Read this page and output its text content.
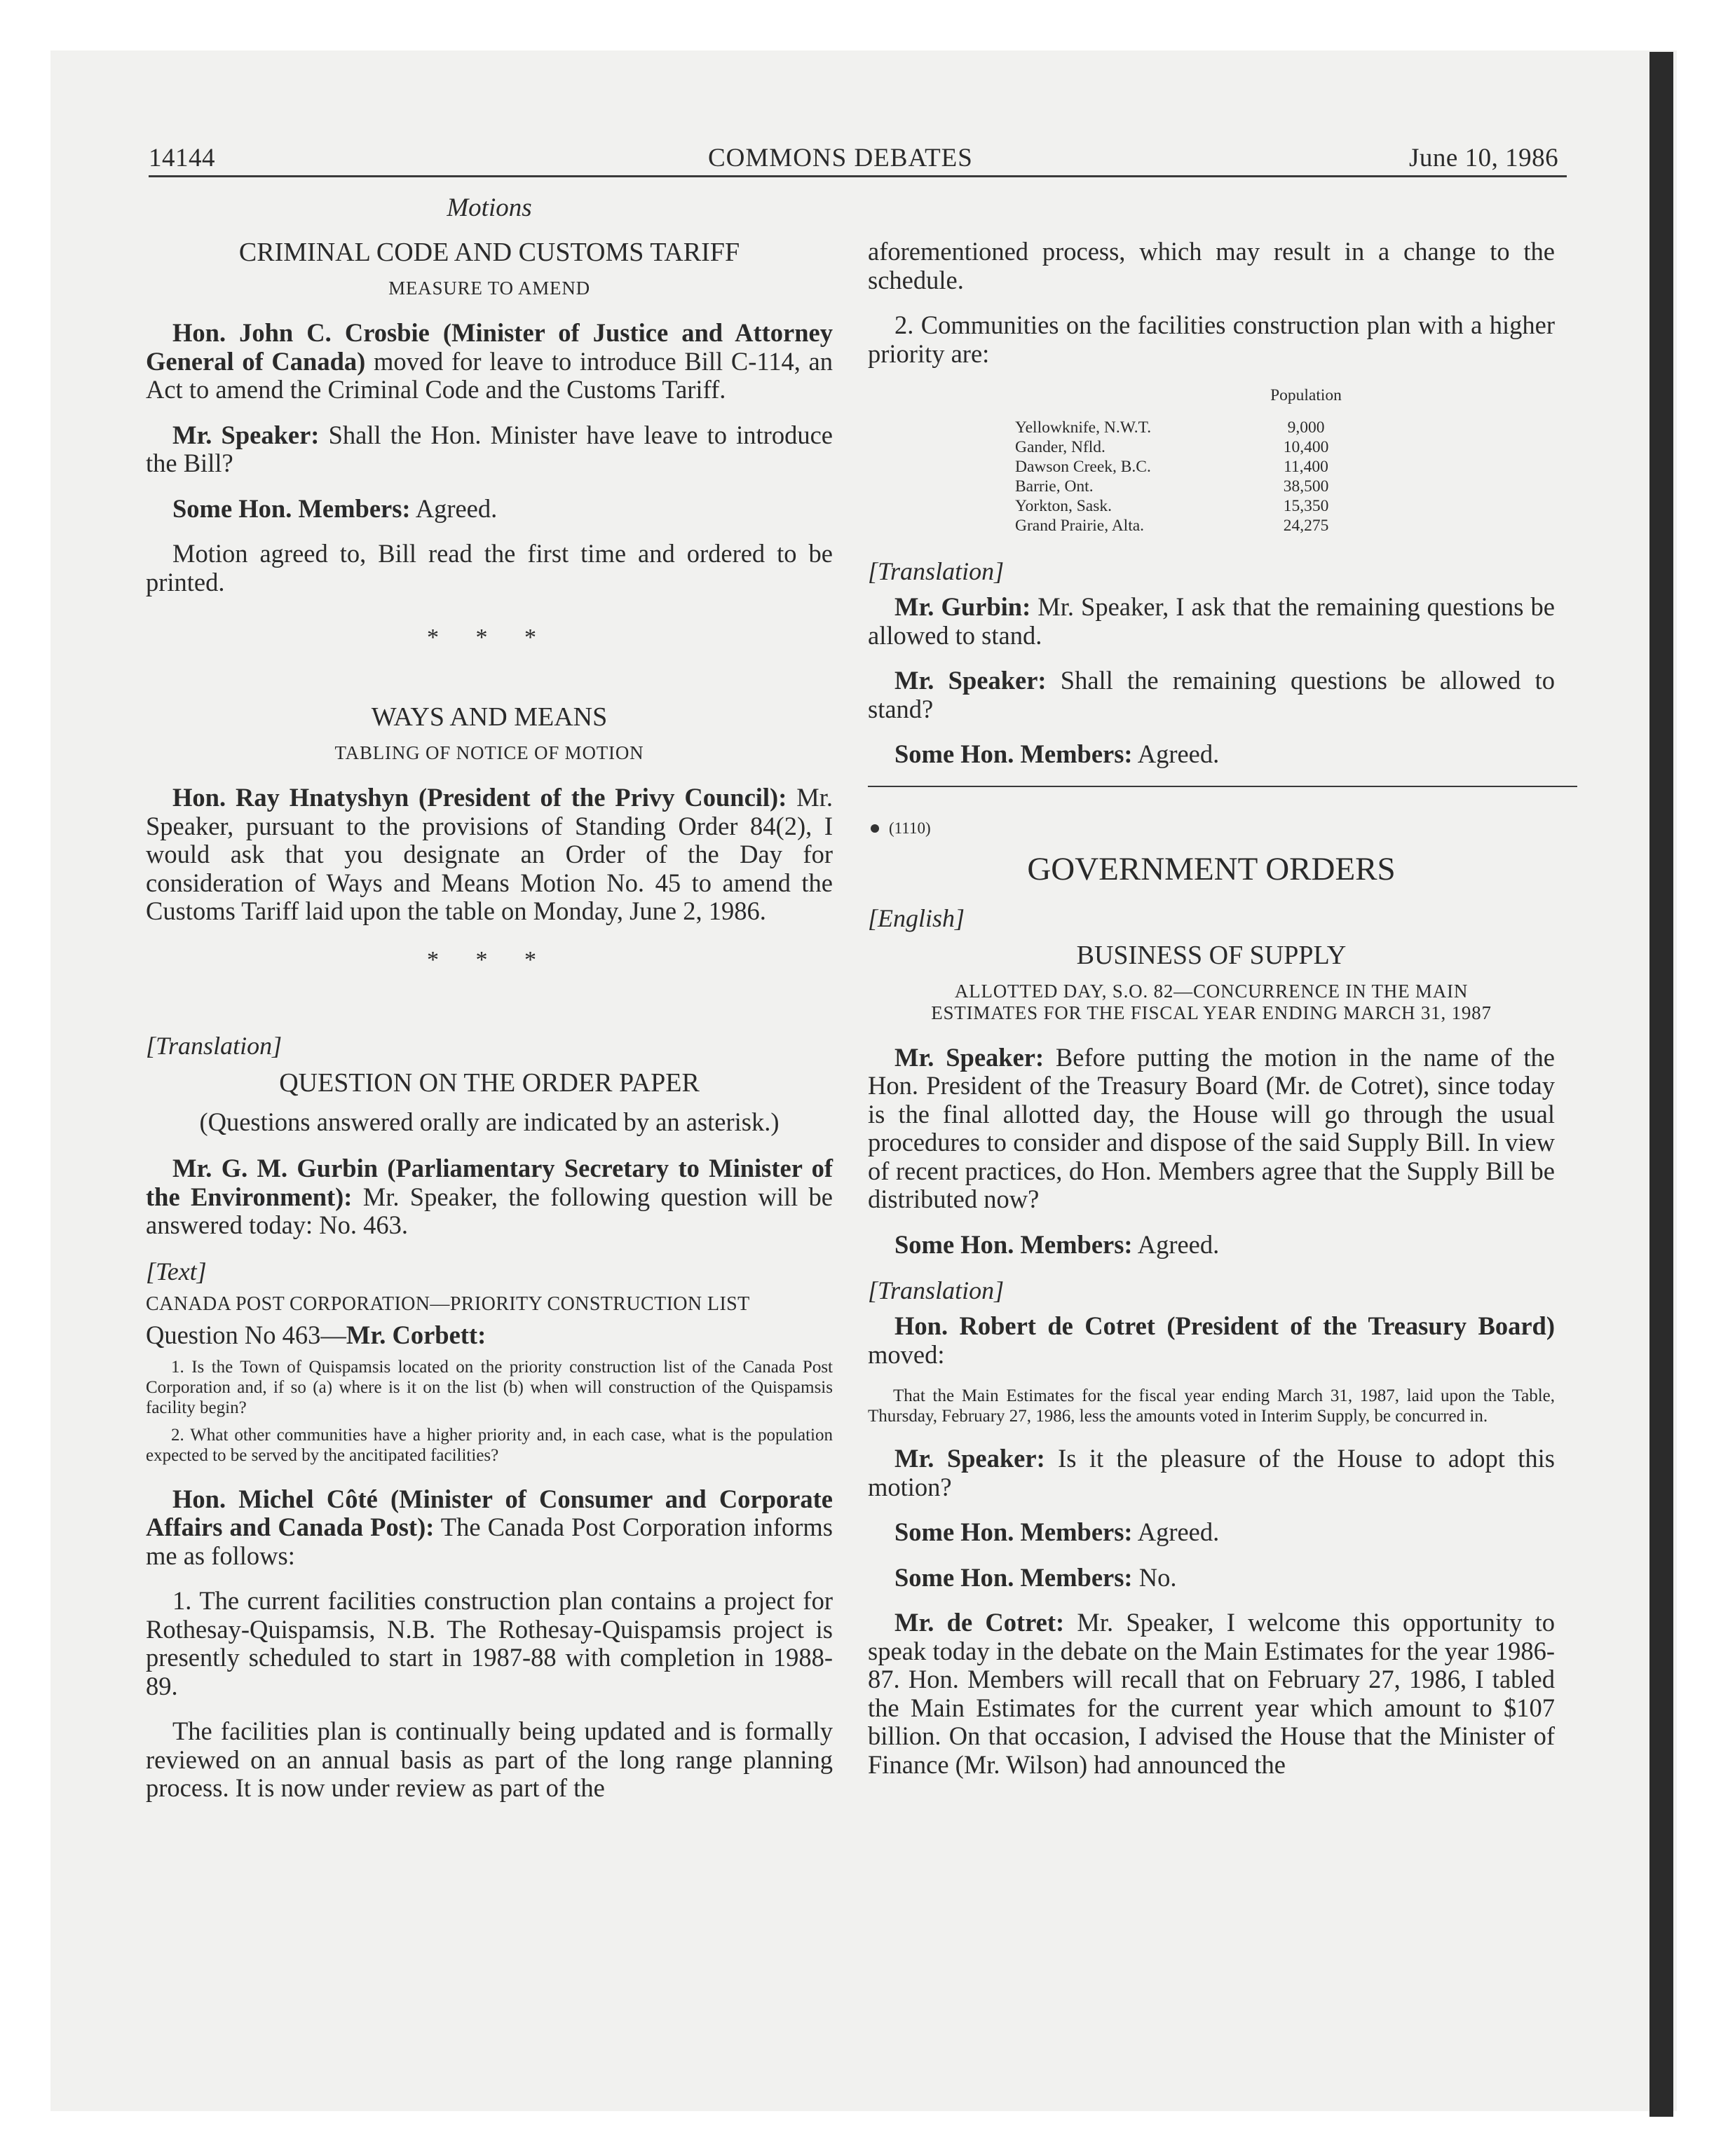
14144	COMMONS DEBATES	June 10, 1986
Motions
CRIMINAL CODE AND CUSTOMS TARIFF
MEASURE TO AMEND

Hon. John C. Crosbie (Minister of Justice and Attorney General of Canada) moved for leave to introduce Bill C-114, an Act to amend the Criminal Code and the Customs Tariff.

Mr. Speaker: Shall the Hon. Minister have leave to introduce the Bill?

Some Hon. Members: Agreed.

Motion agreed to, Bill read the first time and ordered to be printed.

* * *
WAYS AND MEANS
TABLING OF NOTICE OF MOTION

Hon. Ray Hnatyshyn (President of the Privy Council): Mr. Speaker, pursuant to the provisions of Standing Order 84(2), I would ask that you designate an Order of the Day for consideration of Ways and Means Motion No. 45 to amend the Customs Tariff laid upon the table on Monday, June 2, 1986.

* * *
[Translation]
QUESTION ON THE ORDER PAPER

(Questions answered orally are indicated by an asterisk.)

Mr. G. M. Gurbin (Parliamentary Secretary to Minister of the Environment): Mr. Speaker, the following question will be answered today: No. 463.

[Text]
CANADA POST CORPORATION—PRIORITY CONSTRUCTION LIST
Question No 463—Mr. Corbett:

1. Is the Town of Quispamsis located on the priority construction list of the Canada Post Corporation and, if so (a) where is it on the list (b) when will construction of the Quispamsis facility begin?

2. What other communities have a higher priority and, in each case, what is the population expected to be served by the ancitipated facilities?

Hon. Michel Côté (Minister of Consumer and Corporate Affairs and Canada Post): The Canada Post Corporation informs me as follows:

1. The current facilities construction plan contains a project for Rothesay-Quispamsis, N.B. The Rothesay-Quispamsis project is presently scheduled to start in 1987-88 with completion in 1988-89.

The facilities plan is continually being updated and is formally reviewed on an annual basis as part of the long range planning process. It is now under review as part of the

aforementioned process, which may result in a change to the schedule.

2. Communities on the facilities construction plan with a higher priority are:

	Population
Yellowknife, N.W.T.	9,000
Gander, Nfld.	10,400
Dawson Creek, B.C.	11,400
Barrie, Ont.	38,500
Yorkton, Sask.	15,350
Grand Prairie, Alta.	24,275
[Translation]

Mr. Gurbin: Mr. Speaker, I ask that the remaining questions be allowed to stand.

Mr. Speaker: Shall the remaining questions be allowed to stand?

Some Hon. Members: Agreed.

(1110)
GOVERNMENT ORDERS
[English]
BUSINESS OF SUPPLY
ALLOTTED DAY, S.O. 82—CONCURRENCE IN THE MAIN
ESTIMATES FOR THE FISCAL YEAR ENDING MARCH 31, 1987

Mr. Speaker: Before putting the motion in the name of the Hon. President of the Treasury Board (Mr. de Cotret), since today is the final allotted day, the House will go through the usual procedures to consider and dispose of the said Supply Bill. In view of recent practices, do Hon. Members agree that the Supply Bill be distributed now?

Some Hon. Members: Agreed.

[Translation]

Hon. Robert de Cotret (President of the Treasury Board) moved:

That the Main Estimates for the fiscal year ending March 31, 1987, laid upon the Table, Thursday, February 27, 1986, less the amounts voted in Interim Supply, be concurred in.

Mr. Speaker: Is it the pleasure of the House to adopt this motion?

Some Hon. Members: Agreed.

Some Hon. Members: No.

Mr. de Cotret: Mr. Speaker, I welcome this opportunity to speak today in the debate on the Main Estimates for the year 1986-87. Hon. Members will recall that on February 27, 1986, I tabled the Main Estimates for the current year which amount to $107 billion. On that occasion, I advised the House that the Minister of Finance (Mr. Wilson) had announced the
